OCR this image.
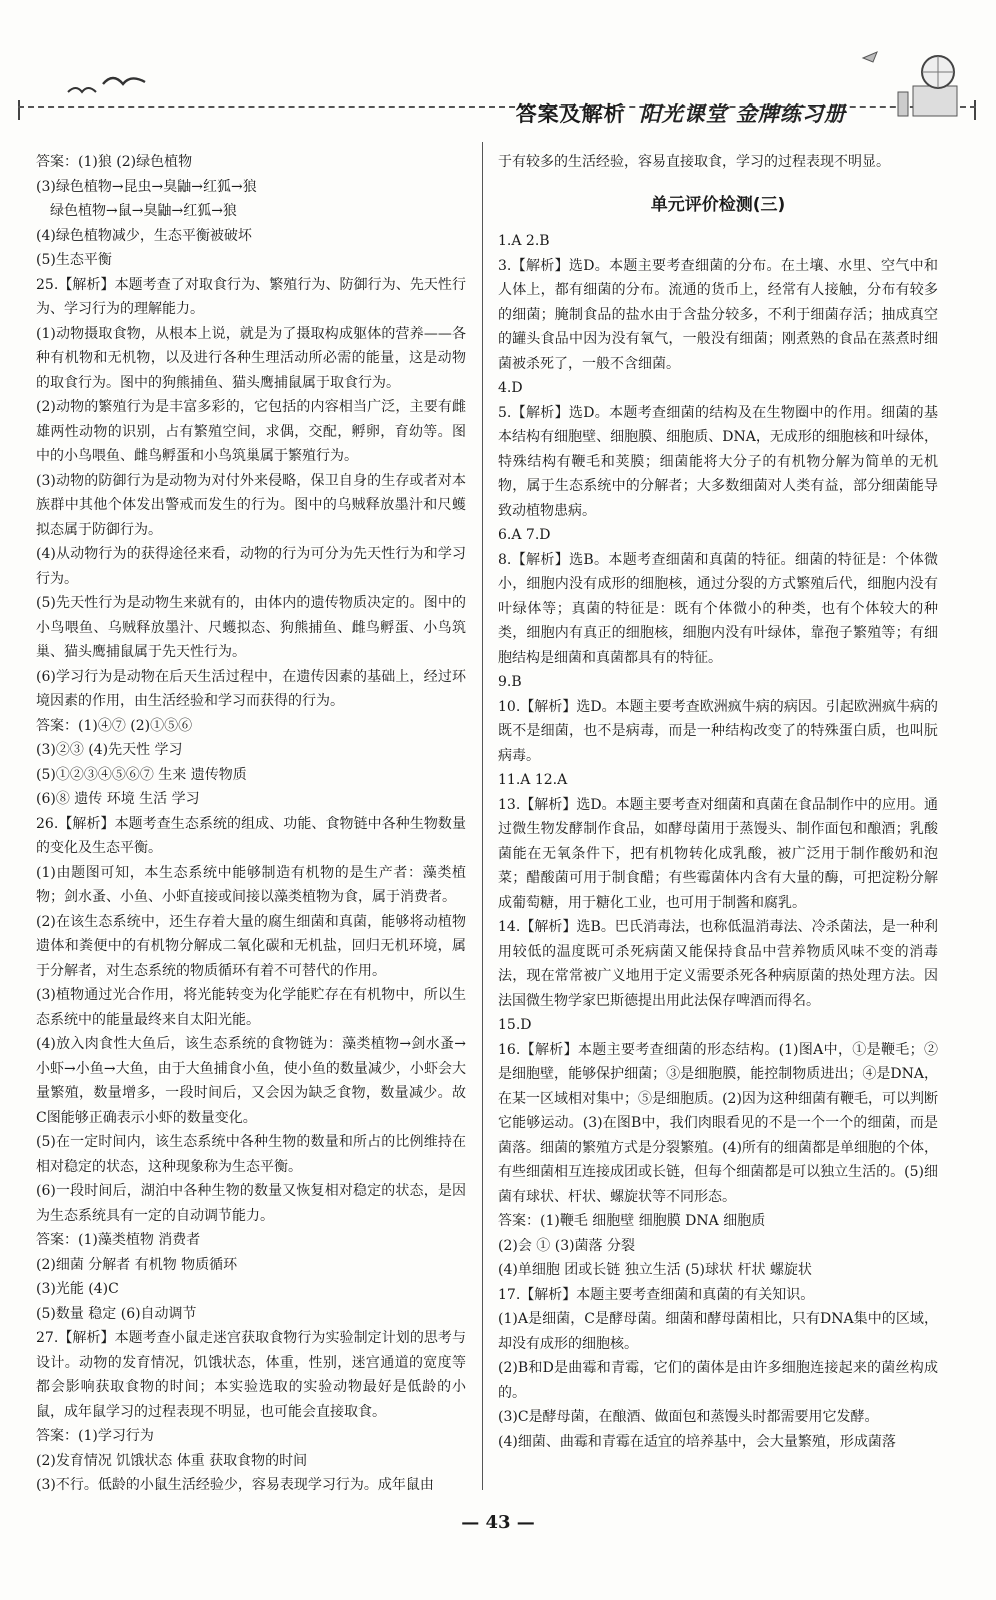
答案及解析 阳光课堂 金牌练习册

答案：(1)狼 (2)绿色植物

(3)绿色植物→昆虫→臭鼬→红狐→狼

绿色植物→鼠→臭鼬→红狐→狼

(4)绿色植物减少，生态平衡被破坏

(5)生态平衡

25.【解析】本题考查了对取食行为、繁殖行为、防御行为、先天性行为、学习行为的理解能力。

(1)动物摄取食物，从根本上说，就是为了摄取构成躯体的营养——各种有机物和无机物，以及进行各种生理活动所必需的能量，这是动物的取食行为。图中的狗熊捕鱼、猫头鹰捕鼠属于取食行为。

(2)动物的繁殖行为是丰富多彩的，它包括的内容相当广泛，主要有雌雄两性动物的识别，占有繁殖空间，求偶，交配，孵卵，育幼等。图中的小鸟喂鱼、雌鸟孵蛋和小鸟筑巢属于繁殖行为。

(3)动物的防御行为是动物为对付外来侵略，保卫自身的生存或者对本族群中其他个体发出警戒而发生的行为。图中的乌贼释放墨汁和尺蠖拟态属于防御行为。

(4)从动物行为的获得途径来看，动物的行为可分为先天性行为和学习行为。

(5)先天性行为是动物生来就有的，由体内的遗传物质决定的。图中的小鸟喂鱼、乌贼释放墨汁、尺蠖拟态、狗熊捕鱼、雌鸟孵蛋、小鸟筑巢、猫头鹰捕鼠属于先天性行为。

(6)学习行为是动物在后天生活过程中，在遗传因素的基础上，经过环境因素的作用，由生活经验和学习而获得的行为。

答案：(1)④⑦ (2)①⑤⑥

(3)②③ (4)先天性 学习

(5)①②③④⑤⑥⑦ 生来 遗传物质

(6)⑧ 遗传 环境 生活 学习

26.【解析】本题考查生态系统的组成、功能、食物链中各种生物数量的变化及生态平衡。

(1)由题图可知，本生态系统中能够制造有机物的是生产者：藻类植物；剑水蚤、小鱼、小虾直接或间接以藻类植物为食，属于消费者。

(2)在该生态系统中，还生存着大量的腐生细菌和真菌，能够将动植物遗体和粪便中的有机物分解成二氧化碳和无机盐，回归无机环境，属于分解者，对生态系统的物质循环有着不可替代的作用。

(3)植物通过光合作用，将光能转变为化学能贮存在有机物中，所以生态系统中的能量最终来自太阳光能。

(4)放入肉食性大鱼后，该生态系统的食物链为：藻类植物→剑水蚤→小虾→小鱼→大鱼，由于大鱼捕食小鱼，使小鱼的数量减少，小虾会大量繁殖，数量增多，一段时间后，又会因为缺乏食物，数量减少。故C图能够正确表示小虾的数量变化。

(5)在一定时间内，该生态系统中各种生物的数量和所占的比例维持在相对稳定的状态，这种现象称为生态平衡。

(6)一段时间后，湖泊中各种生物的数量又恢复相对稳定的状态，是因为生态系统具有一定的自动调节能力。

答案：(1)藻类植物 消费者

(2)细菌 分解者 有机物 物质循环

(3)光能 (4)C

(5)数量 稳定 (6)自动调节

27.【解析】本题考查小鼠走迷宫获取食物行为实验制定计划的思考与设计。动物的发育情况，饥饿状态，体重，性别，迷宫通道的宽度等都会影响获取食物的时间；本实验选取的实验动物最好是低龄的小鼠，成年鼠学习的过程表现不明显，也可能会直接取食。

答案：(1)学习行为

(2)发育情况 饥饿状态 体重 获取食物的时间

(3)不行。低龄的小鼠生活经验少，容易表现学习行为。成年鼠由

于有较多的生活经验，容易直接取食，学习的过程表现不明显。

单元评价检测(三)

1.A 2.B

3.【解析】选D。本题主要考查细菌的分布。在土壤、水里、空气中和人体上，都有细菌的分布。流通的货币上，经常有人接触，分布有较多的细菌；腌制食品的盐水由于含盐分较多，不利于细菌存活；抽成真空的罐头食品中因为没有氧气，一般没有细菌；刚煮熟的食品在蒸煮时细菌被杀死了，一般不含细菌。

4.D

5.【解析】选D。本题考查细菌的结构及在生物圈中的作用。细菌的基本结构有细胞壁、细胞膜、细胞质、DNA，无成形的细胞核和叶绿体，特殊结构有鞭毛和荚膜；细菌能将大分子的有机物分解为简单的无机物，属于生态系统中的分解者；大多数细菌对人类有益，部分细菌能导致动植物患病。

6.A 7.D

8.【解析】选B。本题考查细菌和真菌的特征。细菌的特征是：个体微小，细胞内没有成形的细胞核，通过分裂的方式繁殖后代，细胞内没有叶绿体等；真菌的特征是：既有个体微小的种类，也有个体较大的种类，细胞内有真正的细胞核，细胞内没有叶绿体，靠孢子繁殖等；有细胞结构是细菌和真菌都具有的特征。

9.B

10.【解析】选D。本题主要考查欧洲疯牛病的病因。引起欧洲疯牛病的既不是细菌，也不是病毒，而是一种结构改变了的特殊蛋白质，也叫朊病毒。

11.A 12.A

13.【解析】选D。本题主要考查对细菌和真菌在食品制作中的应用。通过微生物发酵制作食品，如酵母菌用于蒸馒头、制作面包和酿酒；乳酸菌能在无氧条件下，把有机物转化成乳酸，被广泛用于制作酸奶和泡菜；醋酸菌可用于制食醋；有些霉菌体内含有大量的酶，可把淀粉分解成葡萄糖，用于糖化工业，也可用于制酱和腐乳。

14.【解析】选B。巴氏消毒法，也称低温消毒法、冷杀菌法，是一种利用较低的温度既可杀死病菌又能保持食品中营养物质风味不变的消毒法，现在常常被广义地用于定义需要杀死各种病原菌的热处理方法。因法国微生物学家巴斯德提出用此法保存啤酒而得名。

15.D

16.【解析】本题主要考查细菌的形态结构。(1)图A中，①是鞭毛；②是细胞壁，能够保护细菌；③是细胞膜，能控制物质进出；④是DNA，在某一区域相对集中；⑤是细胞质。(2)因为这种细菌有鞭毛，可以判断它能够运动。(3)在图B中，我们肉眼看见的不是一个一个的细菌，而是菌落。细菌的繁殖方式是分裂繁殖。(4)所有的细菌都是单细胞的个体，有些细菌相互连接成团或长链，但每个细菌都是可以独立生活的。(5)细菌有球状、杆状、螺旋状等不同形态。

答案：(1)鞭毛 细胞壁 细胞膜 DNA 细胞质

(2)会 ① (3)菌落 分裂

(4)单细胞 团或长链 独立生活 (5)球状 杆状 螺旋状

17.【解析】本题主要考查细菌和真菌的有关知识。

(1)A是细菌，C是酵母菌。细菌和酵母菌相比，只有DNA集中的区域，却没有成形的细胞核。

(2)B和D是曲霉和青霉，它们的菌体是由许多细胞连接起来的菌丝构成的。

(3)C是酵母菌，在酿酒、做面包和蒸馒头时都需要用它发酵。

(4)细菌、曲霉和青霉在适宜的培养基中，会大量繁殖，形成菌落

— 43 —
